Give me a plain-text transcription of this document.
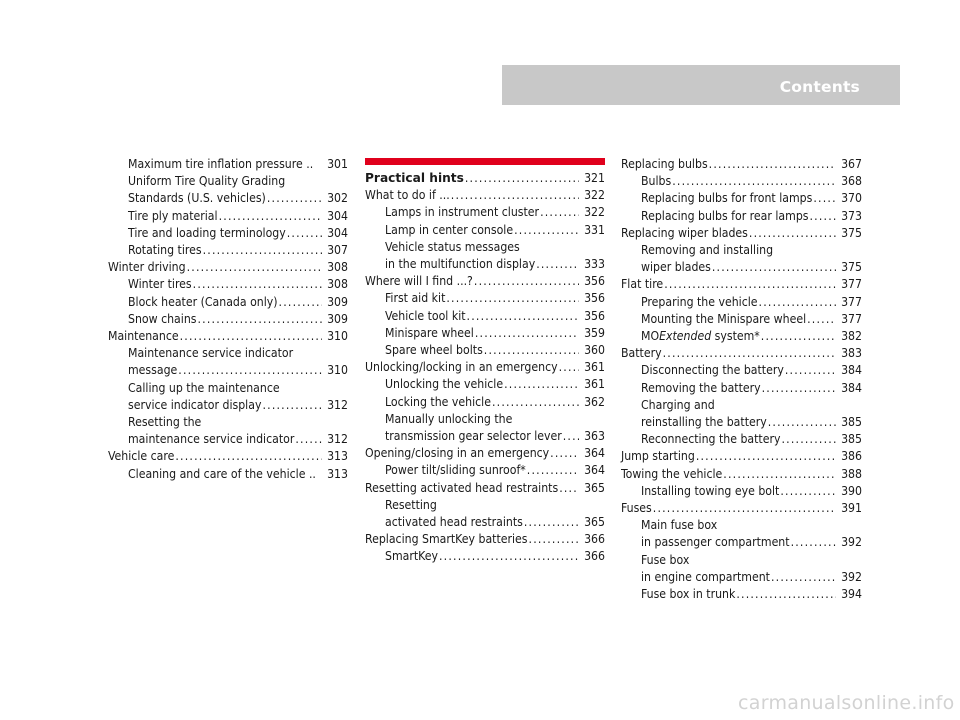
Contents
Maximum tire inflation pressure .. 301
Uniform Tire Quality Grading
Standards (U.S. vehicles) .....	302
Tire ply material .....	304
Tire and loading terminology .....	304
Rotating tires .....	307
Winter driving .....	308
Winter tires .....	308
Block heater (Canada only) .....	309
Snow chains .....	309
Maintenance .....	310
Maintenance service indicator
message .....	310
Calling up the maintenance
service indicator display .....	312
Resetting the
maintenance service indicator .....	312
Vehicle care .....	313
Cleaning and care of the vehicle .. 313
Practical hints .....	321
What to do if ... .....	322
Lamps in instrument cluster .....	322
Lamp in center console .....	331
Vehicle status messages
in the multifunction display .....	333
Where will I find ...? .....	356
First aid kit .....	356
Vehicle tool kit .....	356
Minispare wheel .....	359
Spare wheel bolts .....	360
Unlocking/locking in an emergency ..... 361
Unlocking the vehicle .....	361
Locking the vehicle .....	362
Manually unlocking the
transmission gear selector lever ..... 363
Opening/closing in an emergency .....	364
Power tilt/sliding sunroof* .....	364
Resetting activated head restraints ..... 365
Resetting
activated head restraints .....	365
Replacing SmartKey batteries .....	366
SmartKey .....	366
Replacing bulbs .....	367
Bulbs .....	368
Replacing bulbs for front lamps ..... 370
Replacing bulbs for rear lamps .....	373
Replacing wiper blades .....	375
Removing and installing
wiper blades .....	375
Flat tire .....	377
Preparing the vehicle .....	377
Mounting the Minispare wheel .....	377
MOExtended system* .....	382
Battery .....	383
Disconnecting the battery .....	384
Removing the battery .....	384
Charging and
reinstalling the battery .....	385
Reconnecting the battery .....	385
Jump starting .....	386
Towing the vehicle .....	388
Installing towing eye bolt .....	390
Fuses .....	391
Main fuse box
in passenger compartment .....	392
Fuse box
in engine compartment .....	392
Fuse box in trunk .....	394
carmanualsonline.info
